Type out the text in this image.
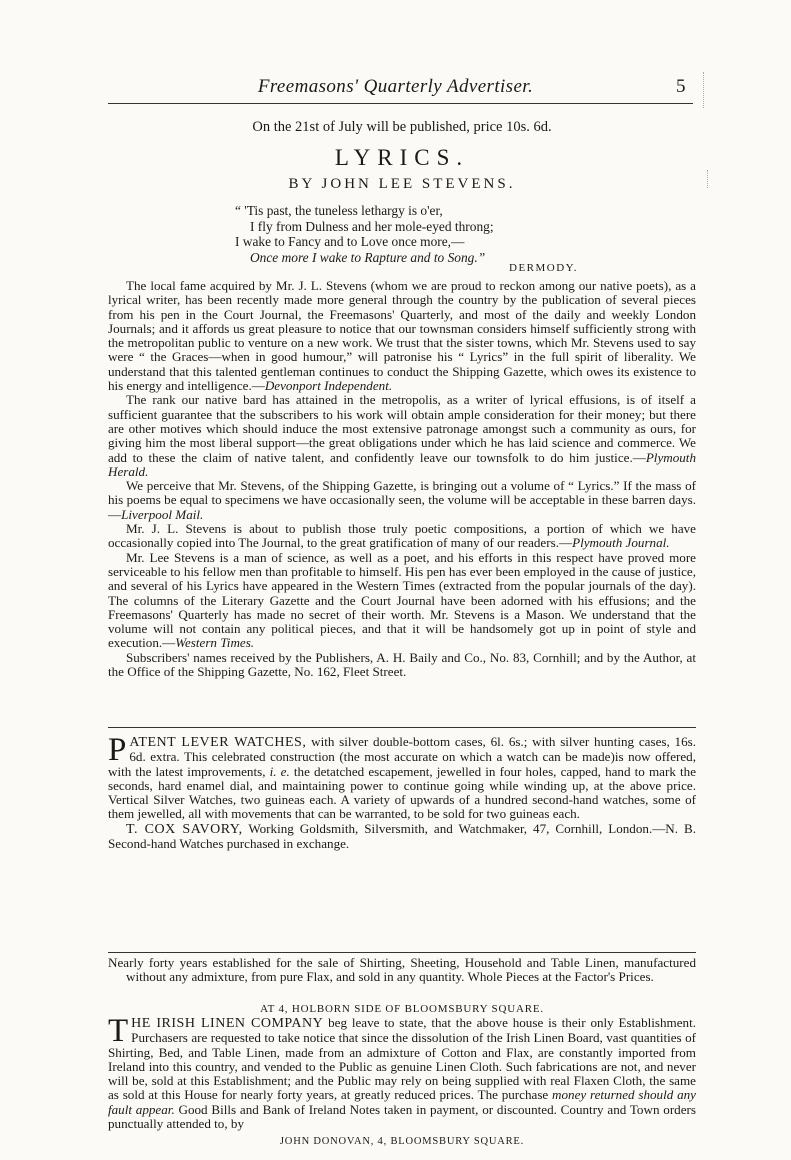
Freemasons' Quarterly Advertiser.	5

On the 21st of July will be published, price 10s. 6d.

LYRICS.

BY JOHN LEE STEVENS.

“ 'Tis past, the tuneless lethargy is o'er,
I fly from Dulness and her mole-eyed throng;
I wake to Fancy and to Love once more,—
Once more I wake to Rapture and to Song.”
DERMODY.

The local fame acquired by Mr. J. L. Stevens (whom we are proud to reckon among our native poets), as a lyrical writer, has been recently made more general through the country by the publication of several pieces from his pen in the Court Journal, the Freemasons' Quarterly, and most of the daily and weekly London Journals; and it affords us great pleasure to notice that our townsman considers himself sufficiently strong with the metropolitan public to venture on a new work. We trust that the sister towns, which Mr. Stevens used to say were “ the Graces—when in good humour,” will patronise his “ Lyrics” in the full spirit of liberality. We understand that this talented gentleman continues to conduct the Shipping Gazette, which owes its existence to his energy and intelligence.—Devonport Independent.

The rank our native bard has attained in the metropolis, as a writer of lyrical effusions, is of itself a sufficient guarantee that the subscribers to his work will obtain ample consideration for their money; but there are other motives which should induce the most extensive patronage amongst such a community as ours, for giving him the most liberal support—the great obligations under which he has laid science and commerce. We add to these the claim of native talent, and confidently leave our townsfolk to do him justice.—Plymouth Herald.

We perceive that Mr. Stevens, of the Shipping Gazette, is bringing out a volume of “ Lyrics.” If the mass of his poems be equal to specimens we have occasionally seen, the volume will be acceptable in these barren days.—Liverpool Mail.

Mr. J. L. Stevens is about to publish those truly poetic compositions, a portion of which we have occasionally copied into The Journal, to the great gratification of many of our readers.—Plymouth Journal.

Mr. Lee Stevens is a man of science, as well as a poet, and his efforts in this respect have proved more serviceable to his fellow men than profitable to himself. His pen has ever been employed in the cause of justice, and several of his Lyrics have appeared in the Western Times (extracted from the popular journals of the day). The columns of the Literary Gazette and the Court Journal have been adorned with his effusions; and the Freemasons' Quarterly has made no secret of their worth. Mr. Stevens is a Mason. We understand that the volume will not contain any political pieces, and that it will be handsomely got up in point of style and execution.—Western Times.

Subscribers' names received by the Publishers, A. H. Baily and Co., No. 83, Cornhill; and by the Author, at the Office of the Shipping Gazette, No. 162, Fleet Street.

PATENT LEVER WATCHES, with silver double-bottom cases, 6l. 6s.; with silver hunting cases, 16s. 6d. extra. This celebrated construction (the most accurate on which a watch can be made)is now offered, with the latest improvements, i. e. the detatched escapement, jewelled in four holes, capped, hand to mark the seconds, hard enamel dial, and maintaining power to continue going while winding up, at the above price. Vertical Silver Watches, two guineas each. A variety of upwards of a hundred second-hand watches, some of them jewelled, all with movements that can be warranted, to be sold for two guineas each.

T. COX SAVORY, Working Goldsmith, Silversmith, and Watchmaker, 47, Cornhill, London.—N. B. Second-hand Watches purchased in exchange.

Nearly forty years established for the sale of Shirting, Sheeting, Household and Table Linen, manufactured without any admixture, from pure Flax, and sold in any quantity. Whole Pieces at the Factor's Prices.

AT 4, HOLBORN SIDE OF BLOOMSBURY SQUARE.

THE IRISH LINEN COMPANY beg leave to state, that the above house is their only Establishment. Purchasers are requested to take notice that since the dissolution of the Irish Linen Board, vast quantities of Shirting, Bed, and Table Linen, made from an admixture of Cotton and Flax, are constantly imported from Ireland into this country, and vended to the Public as genuine Linen Cloth. Such fabrications are not, and never will be, sold at this Establishment; and the Public may rely on being supplied with real Flaxen Cloth, the same as sold at this House for nearly forty years, at greatly reduced prices. The purchase money returned should any fault appear. Good Bills and Bank of Ireland Notes taken in payment, or discounted. Country and Town orders punctually attended to, by

JOHN DONOVAN, 4, BLOOMSBURY SQUARE.
